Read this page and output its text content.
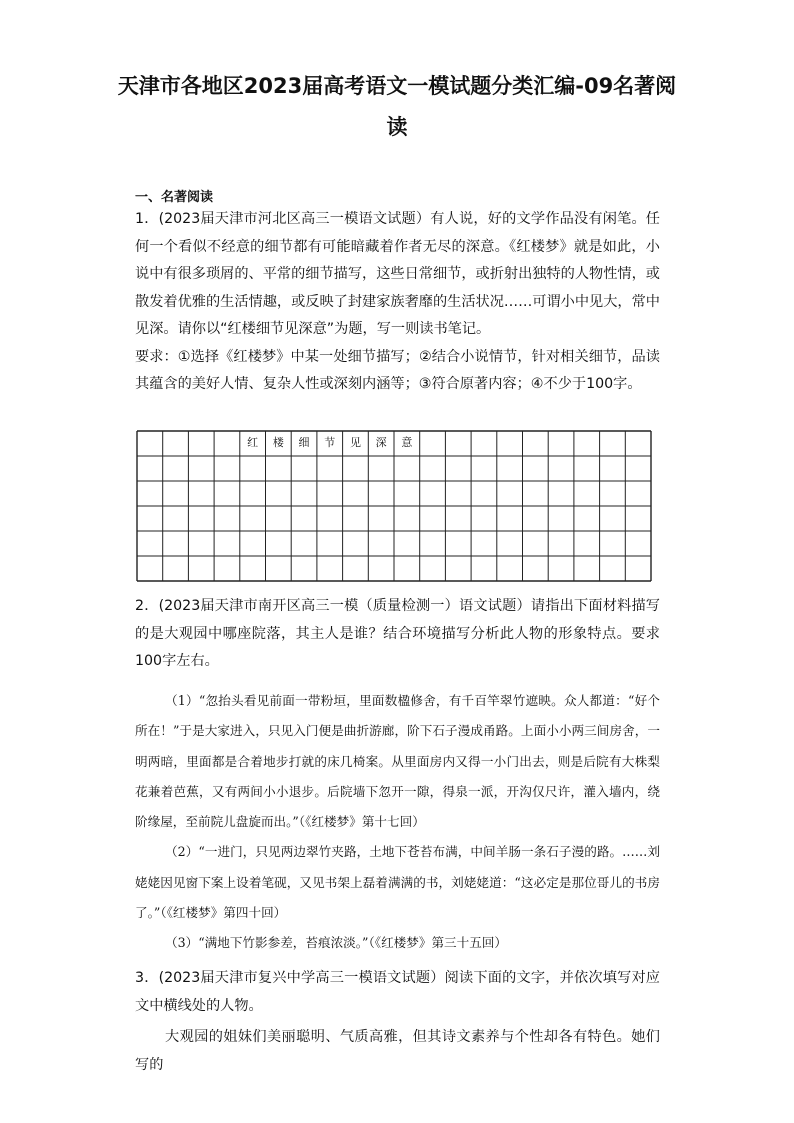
天津市各地区2023届高考语文一模试题分类汇编-09名著阅读
一、名著阅读

1．(2023届天津市河北区高三一模语文试题）有人说，好的文学作品没有闲笔。任何一个看似不经意的细节都有可能暗藏着作者无尽的深意。《红楼梦》就是如此，小说中有很多琐屑的、平常的细节描写，这些日常细节，或折射出独特的人物性情，或散发着优雅的生活情趣，或反映了封建家族奢靡的生活状况……可谓小中见大，常中见深。请你以“红楼细节见深意”为题，写一则读书笔记。

要求：①选择《红楼梦》中某一处细节描写；②结合小说情节，针对相关细节，品读其蕴含的美好人情、复杂人性或深刻内涵等；③符合原著内容；④不少于100字。

红	楼	细	节	见	深	意

2．(2023届天津市南开区高三一模（质量检测一）语文试题）请指出下面材料描写的是大观园中哪座院落，其主人是谁？结合环境描写分析此人物的形象特点。要求100字左右。

（1）“忽抬头看见前面一带粉垣，里面数楹修舍，有千百竿翠竹遮映。众人都道：“好个所在！”于是大家进入，只见入门便是曲折游廊，阶下石子漫成甬路。上面小小两三间房舍，一明两暗，里面都是合着地步打就的床几椅案。从里面房内又得一小门出去，则是后院有大株梨花兼着芭蕉，又有两间小小退步。后院墙下忽开一隙，得泉一派，开沟仅尺许，灌入墙内，绕阶缘屋，至前院儿盘旋而出。”（《红楼梦》第十七回）

（2）“一进门，只见两边翠竹夹路，土地下苍苔布满，中间羊肠一条石子漫的路。……刘姥姥因见窗下案上设着笔砚，又见书架上磊着满满的书，刘姥姥道：“这必定是那位哥儿的书房了。”（《红楼梦》第四十回）

（3）“满地下竹影参差，苔痕浓淡。”（《红楼梦》第三十五回）

3．(2023届天津市复兴中学高三一模语文试题）阅读下面的文字，并依次填写对应文中横线处的人物。

大观园的姐妹们美丽聪明、气质高雅，但其诗文素养与个性却各有特色。她们写的
